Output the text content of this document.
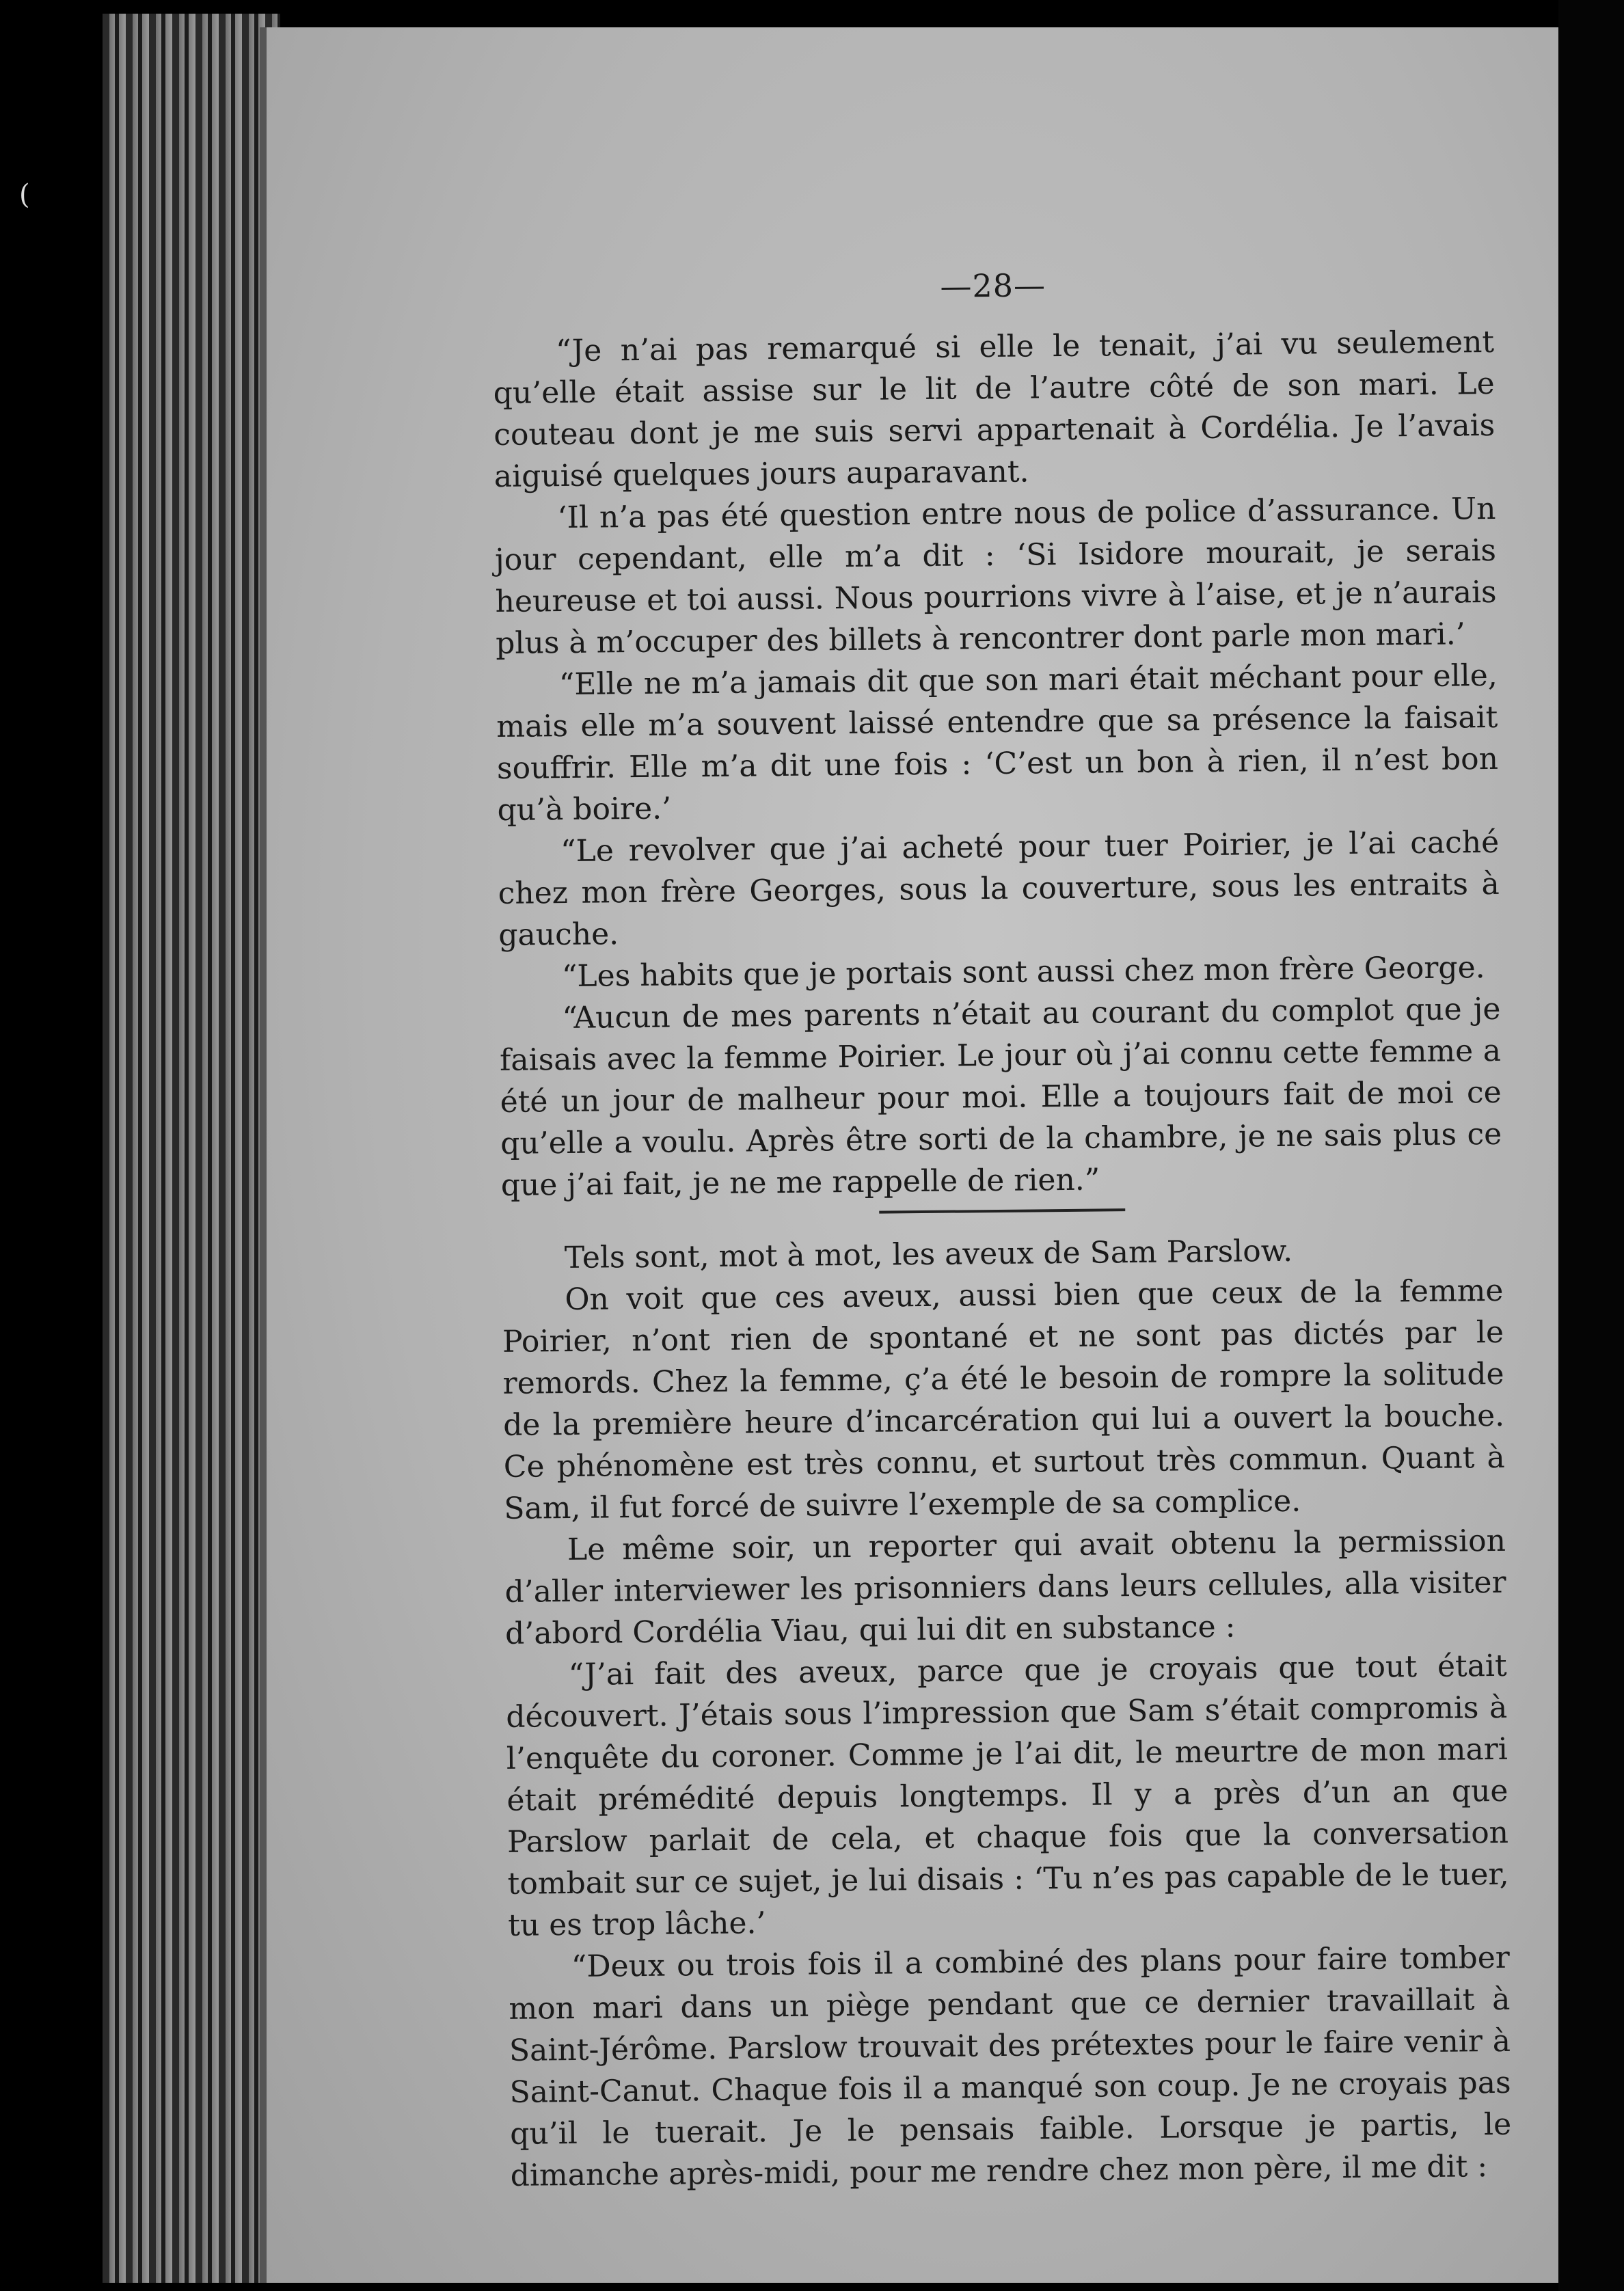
(
—28—

“Je n’ai pas remarqué si elle le tenait, j’ai vu seulement qu’elle était assise sur le lit de l’autre côté de son mari. Le couteau dont je me suis servi appartenait à Cordélia. Je l’avais aiguisé quelques jours auparavant.

‘Il n’a pas été question entre nous de police d’assurance. Un jour cependant, elle m’a dit : ‘Si Isidore mourait, je serais heureuse et toi aussi. Nous pourrions vivre à l’aise, et je n’aurais plus à m’occuper des billets à rencontrer dont parle mon mari.’

“Elle ne m’a jamais dit que son mari était méchant pour elle, mais elle m’a souvent laissé entendre que sa présence la faisait souffrir. Elle m’a dit une fois : ‘C’est un bon à rien, il n’est bon qu’à boire.’

“Le revolver que j’ai acheté pour tuer Poirier, je l’ai caché chez mon frère Georges, sous la couverture, sous les entraits à gauche.

“Les habits que je portais sont aussi chez mon frère George.

“Aucun de mes parents n’était au courant du complot que je faisais avec la femme Poirier. Le jour où j’ai connu cette femme a été un jour de malheur pour moi. Elle a toujours fait de moi ce qu’elle a voulu. Après être sorti de la chambre, je ne sais plus ce que j’ai fait, je ne me rappelle de rien.”

Tels sont, mot à mot, les aveux de Sam Parslow.

On voit que ces aveux, aussi bien que ceux de la femme Poirier, n’ont rien de spontané et ne sont pas dictés par le remords. Chez la femme, ç’a été le besoin de rompre la solitude de la première heure d’incarcération qui lui a ouvert la bouche. Ce phénomène est très connu, et surtout très commun. Quant à Sam, il fut forcé de suivre l’exemple de sa complice.

Le même soir, un reporter qui avait obtenu la permission d’aller interviewer les prisonniers dans leurs cellules, alla visiter d’abord Cordélia Viau, qui lui dit en substance :

“J’ai fait des aveux, parce que je croyais que tout était découvert. J’étais sous l’impression que Sam s’était compromis à l’enquête du coroner. Comme je l’ai dit, le meurtre de mon mari était prémédité depuis longtemps. Il y a près d’un an que Parslow parlait de cela, et chaque fois que la conversation tombait sur ce sujet, je lui disais : ‘Tu n’es pas capable de le tuer, tu es trop lâche.’

“Deux ou trois fois il a combiné des plans pour faire tomber mon mari dans un piège pendant que ce dernier travaillait à Saint-Jérôme. Parslow trouvait des prétextes pour le faire venir à Saint-Canut. Chaque fois il a manqué son coup. Je ne croyais pas qu’il le tuerait. Je le pensais faible. Lorsque je partis, le dimanche après-midi, pour me rendre chez mon père, il me dit :
